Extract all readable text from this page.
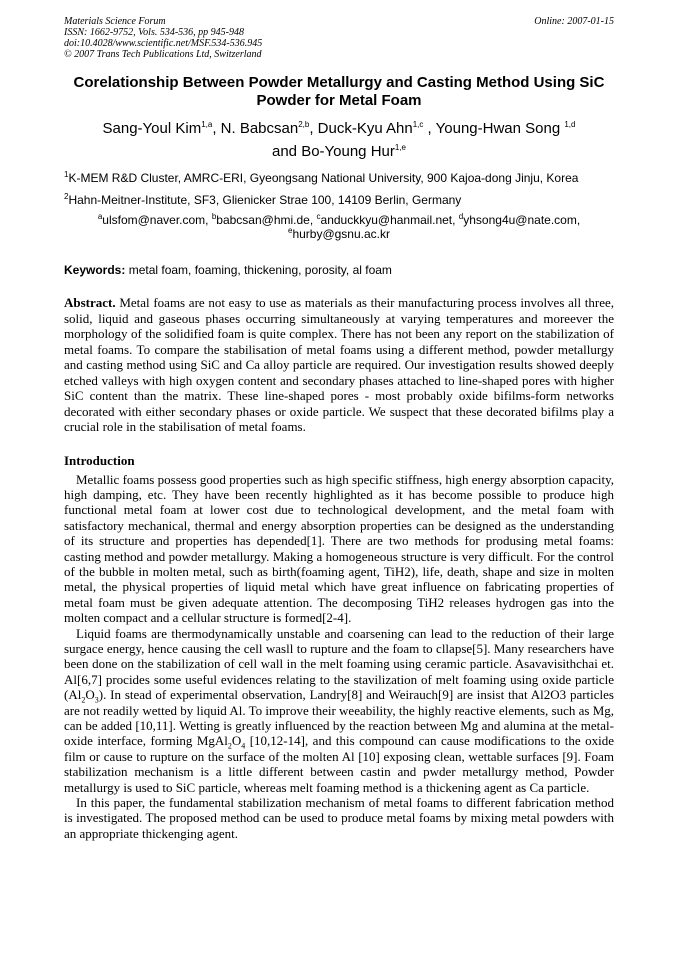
Materials Science Forum
ISSN: 1662-9752, Vols. 534-536, pp 945-948
doi:10.4028/www.scientific.net/MSF.534-536.945
© 2007 Trans Tech Publications Ltd, Switzerland
Online: 2007-01-15
Corelationship Between Powder Metallurgy and Casting Method Using SiC Powder for Metal Foam
Sang-Youl Kim$^{1,a}$, N. Babcsan$^{2,b}$, Duck-Kyu Ahn$^{1,c}$ , Young-Hwan Song $^{1,d}$
and Bo-Young Hur$^{1,e}$
$^1$K-MEM R&D Cluster, AMRC-ERI, Gyeongsang National University, 900 Kajoa-dong Jinju, Korea
$^2$Hahn-Meitner-Institute, SF3, Glienicker Strae 100, 14109 Berlin, Germany
$^a$ulsfom@naver.com, $^b$babcsan@hmi.de, $^c$anduckkyu@hanmail.net, $^d$yhsong4u@nate.com,
$^e$hurby@gsnu.ac.kr
Keywords: metal foam, foaming, thickening, porosity, al foam
Abstract. Metal foams are not easy to use as materials as their manufacturing process involves all three, solid, liquid and gaseous phases occurring simultaneously at varying temperatures and moreever the morphology of the solidified foam is quite complex. There has not been any report on the stabilization of metal foams. To compare the stabilisation of metal foams using a different method, powder metallurgy and casting method using SiC and Ca alloy particle are required. Our investigation results showed deeply etched valleys with high oxygen content and secondary phases attached to line-shaped pores with higher SiC content than the matrix. These line-shaped pores - most probably oxide bifilms-form networks decorated with either secondary phases or oxide particle. We suspect that these decorated bifilms play a crucial role in the stabilisation of metal foams.
Introduction

Metallic foams possess good properties such as high specific stiffness, high energy absorption capacity, high damping, etc. They have been recently highlighted as it has become possible to produce high functional metal foam at lower cost due to technological development, and the metal foam with satisfactory mechanical, thermal and energy absorption properties can be designed as the understanding of its structure and properties has depended[1]. There are two methods for produsing metal foams: casting method and powder metallurgy. Making a homogeneous structure is very difficult. For the control of the bubble in molten metal, such as birth(foaming agent, TiH2), life, death, shape and size in molten metal, the physical properties of liquid metal which have great influence on fabricating properties of metal foam must be given adequate attention. The decomposing TiH2 releases hydrogen gas into the molten compact and a cellular structure is formed[2-4].

Liquid foams are thermodynamically unstable and coarsening can lead to the reduction of their large surgace energy, hence causing the cell wasll to rupture and the foam to cllapse[5]. Many researchers have been done on the stabilization of cell wall in the melt foaming using ceramic particle. Asavavisithchai et. Al[6,7] procides some useful evidences relating to the stavilization of melt foaming using oxide particle $(Al_2O_3)$. In stead of experimental observation, Landry[8] and Weirauch[9] are insist that Al2O3 particles are not readily wetted by liquid Al. To improve their weeability, the highly reactive elements, such as Mg, can be added [10,11]. Wetting is greatly influenced by the reaction between Mg and alumina at the metal-oxide interface, forming $MgAl_2O_4$ [10,12-14], and this compound can cause modifications to the oxide film or cause to rupture on the surface of the molten Al [10] exposing clean, wettable surfaces [9]. Foam stabilization mechanism is a little different between castin and pwder metallurgy method, Powder metallurgy is used to SiC particle, whereas melt foaming method is a thickening agent as Ca particle.

In this paper, the fundamental stabilization mechanism of metal foams to different fabrication method is investigated. The proposed method can be used to produce metal foams by mixing metal powders with an appropriate thickenging agent.
